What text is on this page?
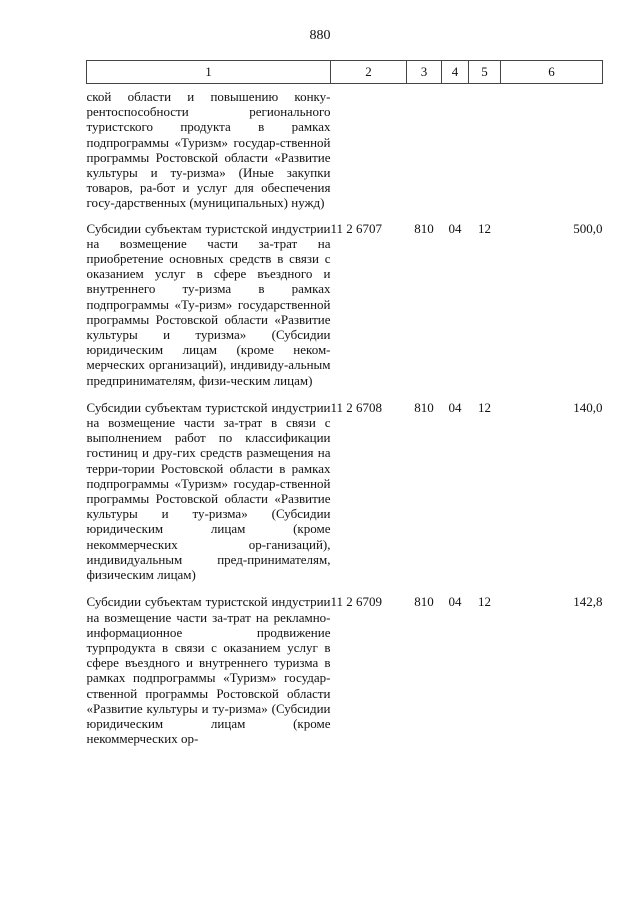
880
1	2	3	4	5	6
ской области и повышению конку-рентоспособности регионального туристского продукта в рамках подпрограммы «Туризм» государ-ственной программы Ростовской области «Развитие культуры и ту-ризма» (Иные закупки товаров, ра-бот и услуг для обеспечения госу-дарственных (муниципальных) нужд)					
Субсидии субъектам туристской индустрии на возмещение части за-трат на приобретение основных средств в связи с оказанием услуг в сфере въездного и внутреннего ту-ризма в рамках подпрограммы «Ту-ризм» государственной программы Ростовской области «Развитие культуры и туризма» (Субсидии юридическим лицам (кроме неком-мерческих организаций), индивиду-альным предпринимателям, физи-ческим лицам)	11 2 6707	810	04	12	500,0
Субсидии субъектам туристской индустрии на возмещение части за-трат в связи с выполнением работ по классификации гостиниц и дру-гих средств размещения на терри-тории Ростовской области в рамках подпрограммы «Туризм» государ-ственной программы Ростовской области «Развитие культуры и ту-ризма» (Субсидии юридическим лицам (кроме некоммерческих ор-ганизаций), индивидуальным пред-принимателям, физическим лицам)	11 2 6708	810	04	12	140,0
Субсидии субъектам туристской индустрии на возмещение части за-трат на рекламно-информационное продвижение турпродукта в связи с оказанием услуг в сфере въездного и внутреннего туризма в рамках подпрограммы «Туризм» государ-ственной программы Ростовской области «Развитие культуры и ту-ризма» (Субсидии юридическим лицам (кроме некоммерческих ор-	11 2 6709	810	04	12	142,8
